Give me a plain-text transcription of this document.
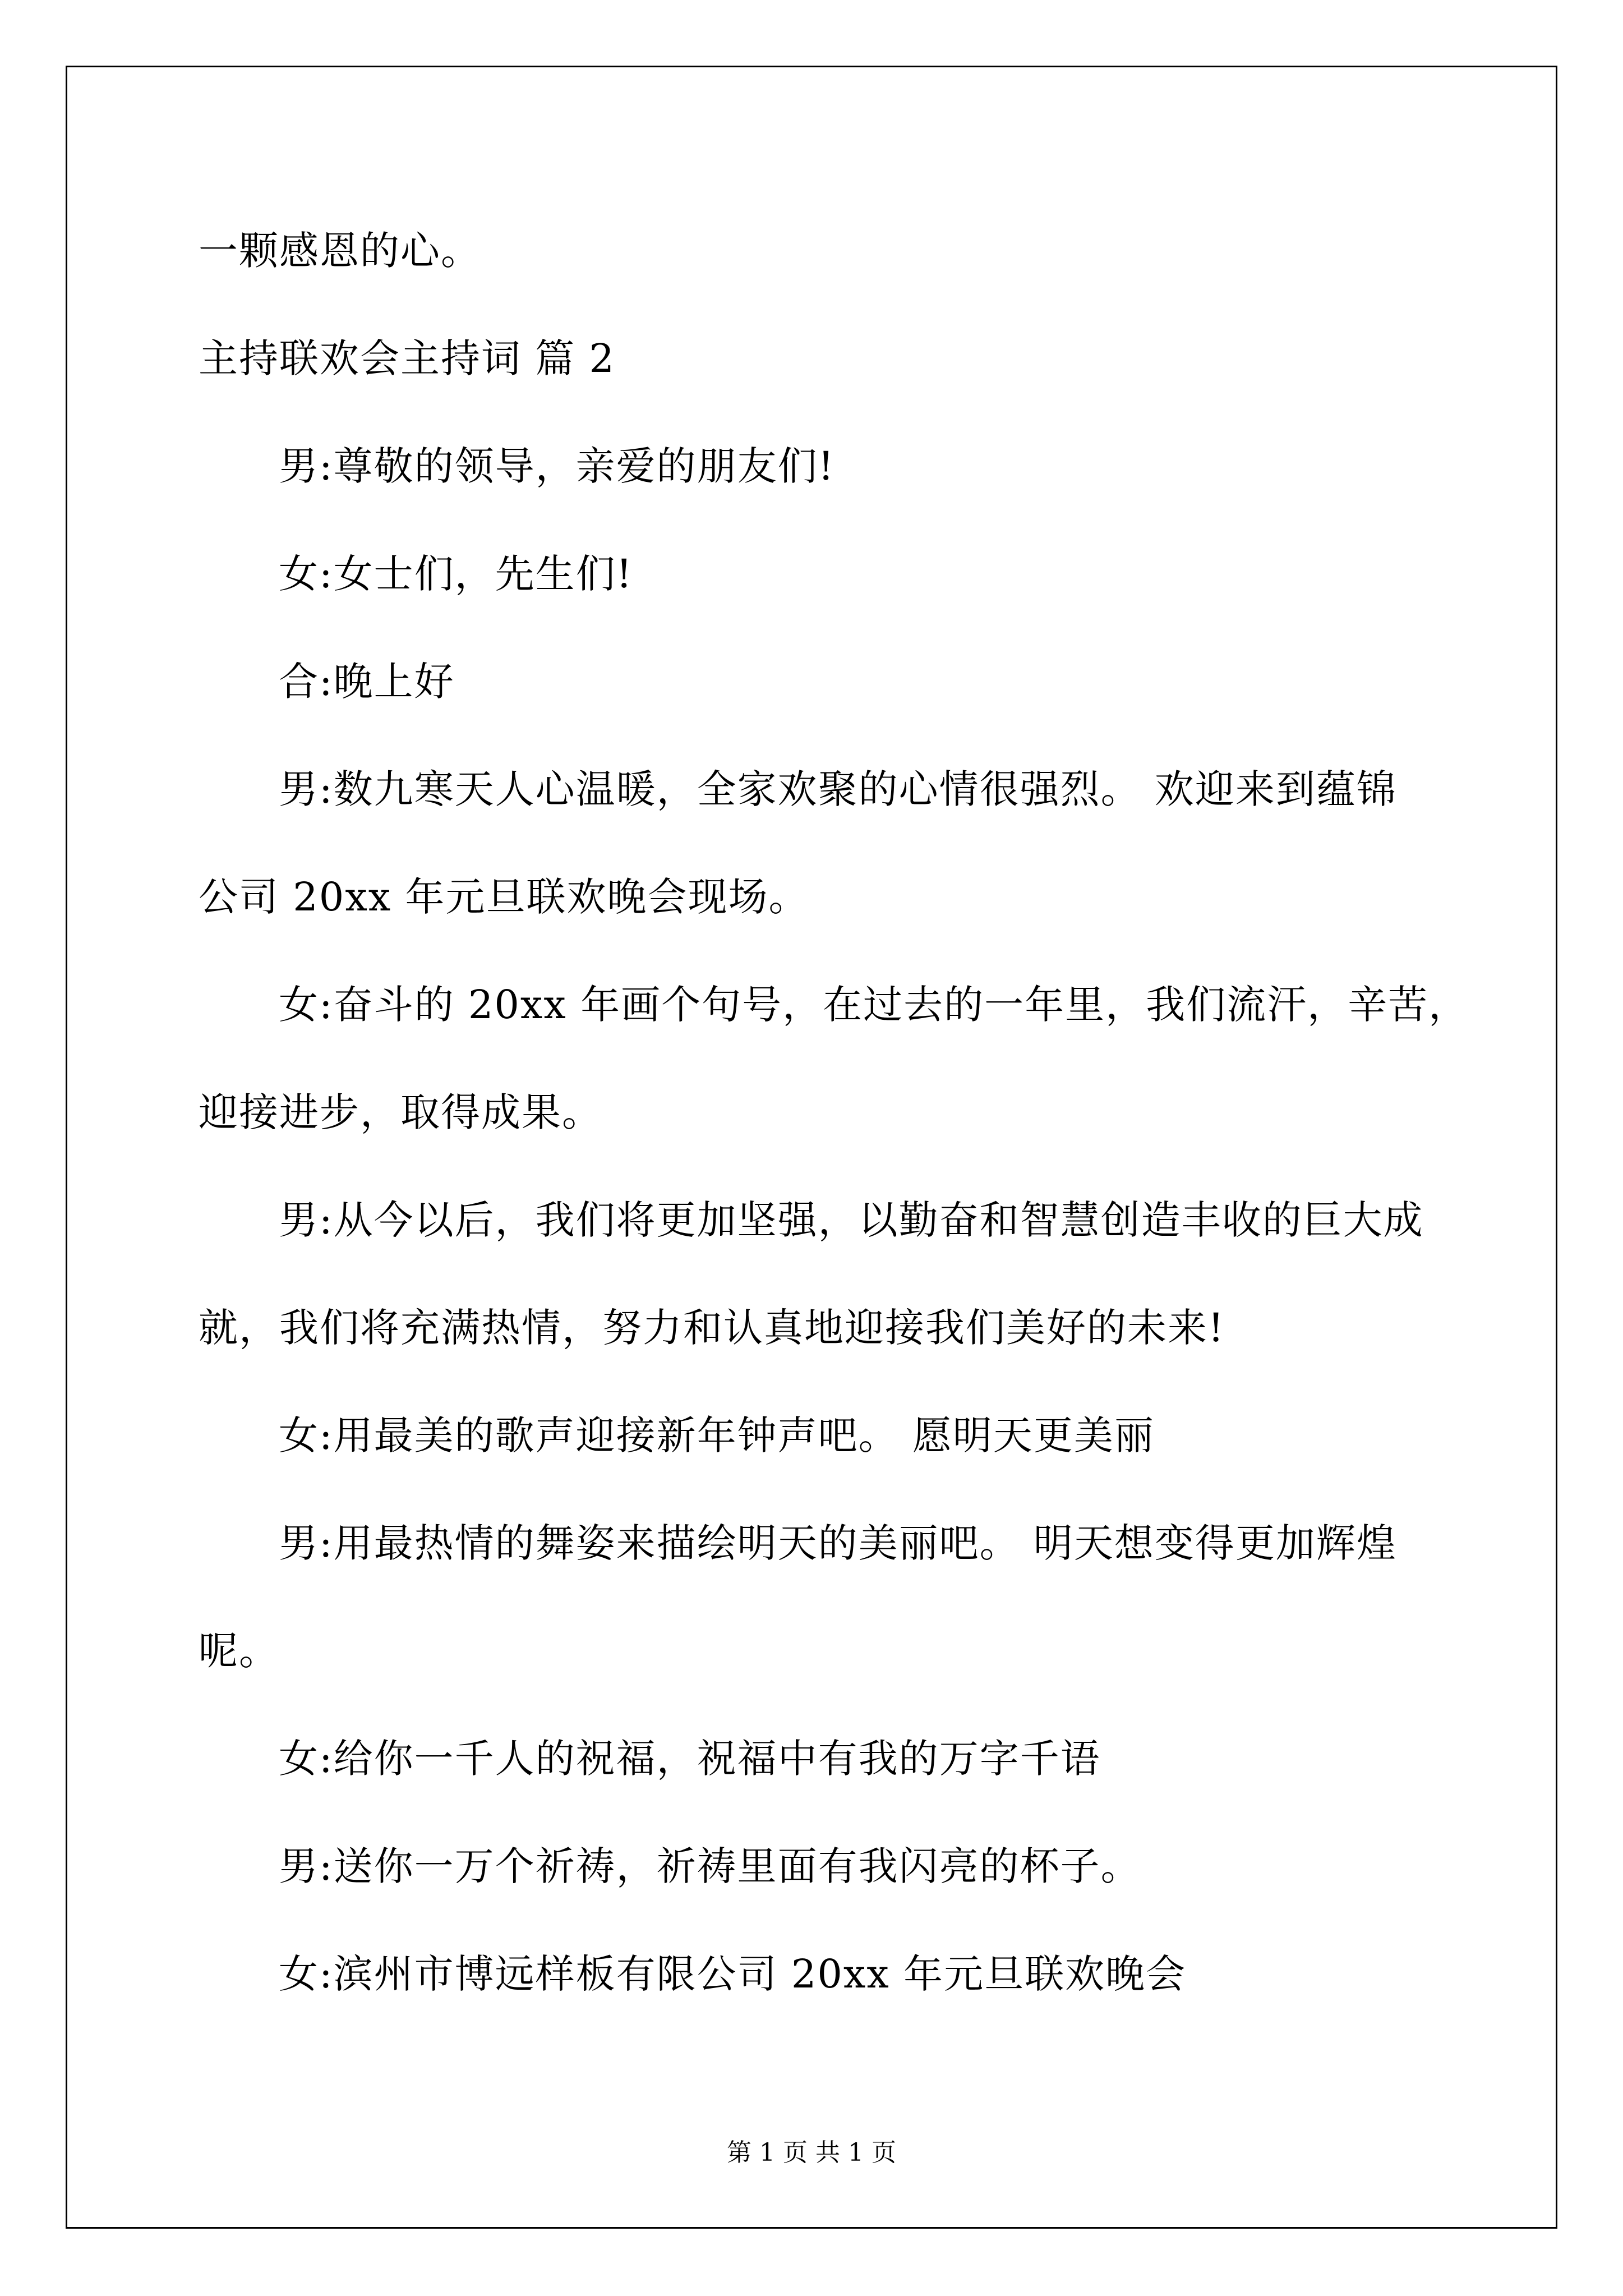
一颗感恩的心。
主持联欢会主持词 篇 2
男:尊敬的领导，亲爱的朋友们!
女:女士们，先生们!
合:晚上好
男:数九寒天人心温暖，全家欢聚的心情很强烈。 欢迎来到蕴锦
公司 20xx 年元旦联欢晚会现场。
女:奋斗的 20xx 年画个句号，在过去的一年里，我们流汗，辛苦，
迎接进步，取得成果。
男:从今以后，我们将更加坚强，以勤奋和智慧创造丰收的巨大成
就，我们将充满热情，努力和认真地迎接我们美好的未来!
女:用最美的歌声迎接新年钟声吧。 愿明天更美丽
男:用最热情的舞姿来描绘明天的美丽吧。 明天想变得更加辉煌
呢。
女:给你一千人的祝福，祝福中有我的万字千语
男:送你一万个祈祷，祈祷里面有我闪亮的杯子。
女:滨州市博远样板有限公司 20xx 年元旦联欢晚会
第 1 页 共 1 页
